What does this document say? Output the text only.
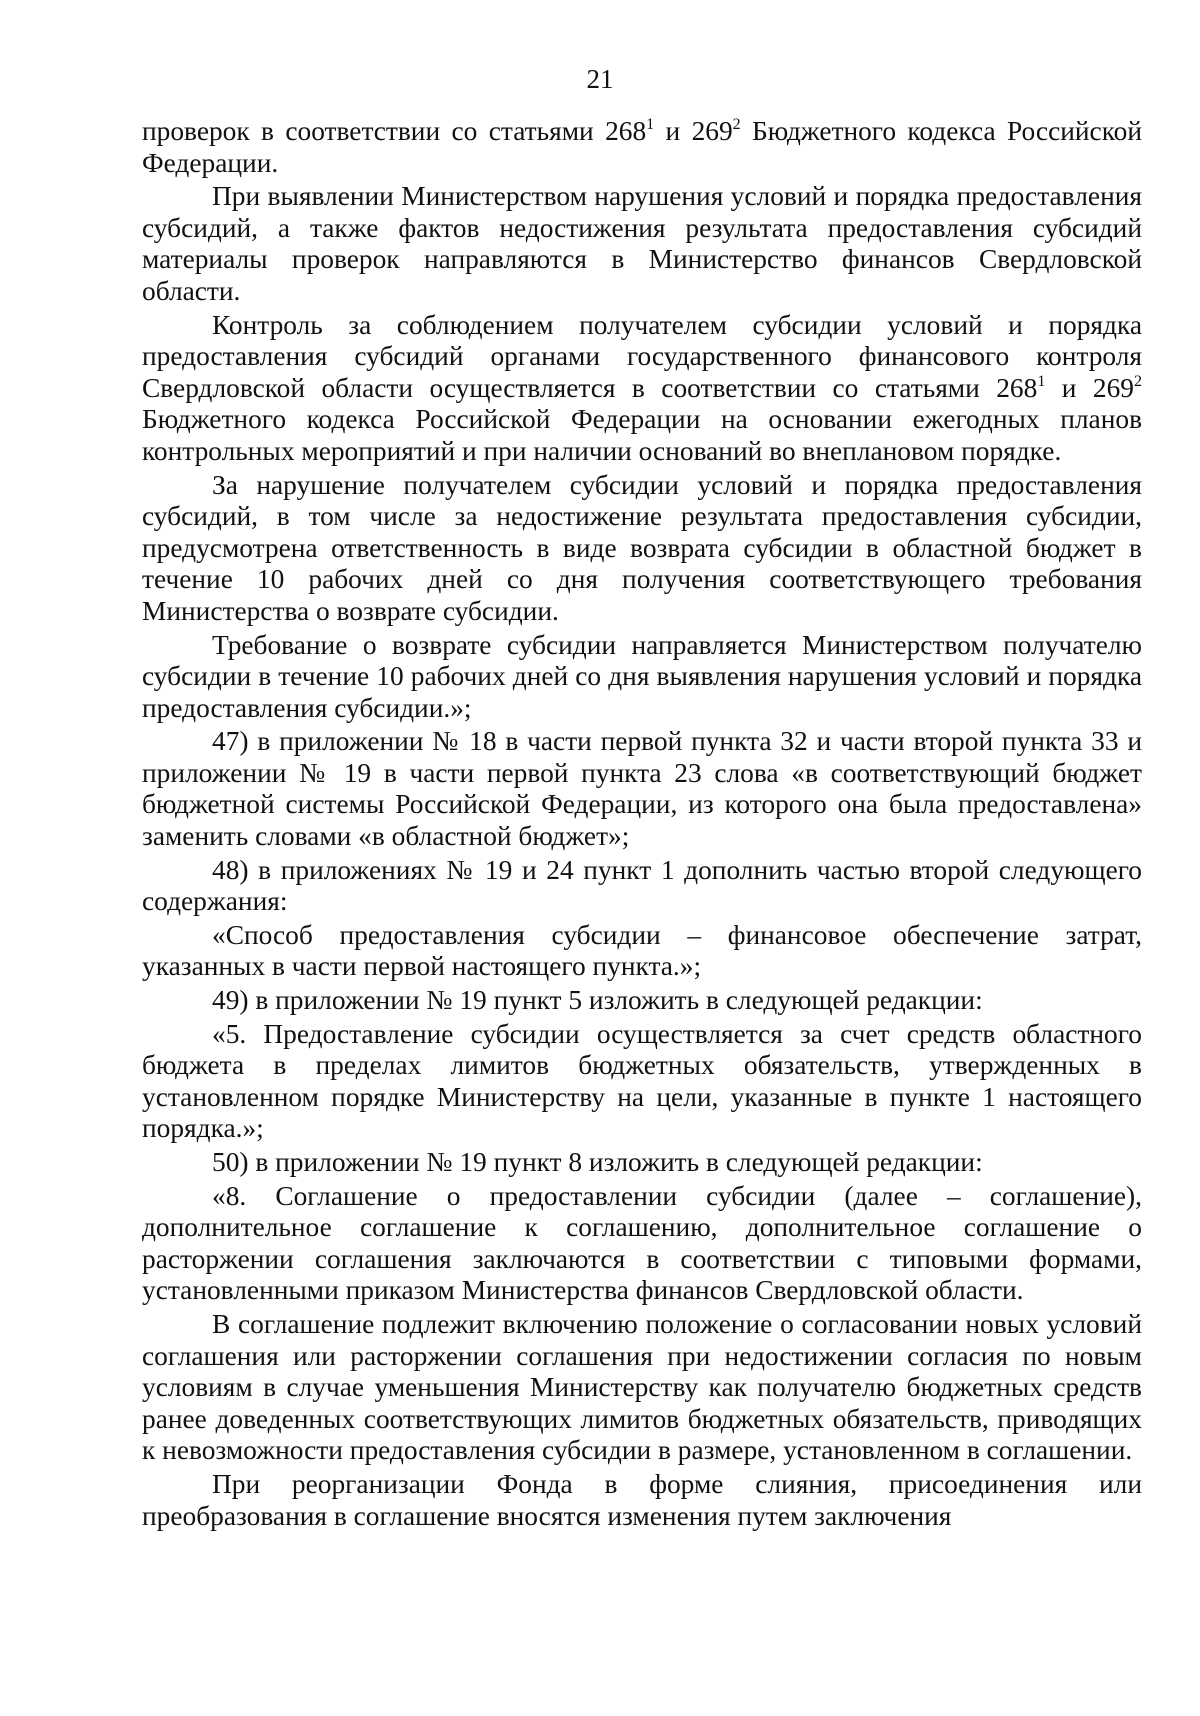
21

проверок в соответствии со статьями $268^1$ и $269^2$ Бюджетного кодекса Российской Федерации.

При выявлении Министерством нарушения условий и порядка предоставления субсидий, а также фактов недостижения результата предоставления субсидий материалы проверок направляются в Министерство финансов Свердловской области.

Контроль за соблюдением получателем субсидии условий и порядка предоставления субсидий органами государственного финансового контроля Свердловской области осуществляется в соответствии со статьями $268^1$ и $269^2$ Бюджетного кодекса Российской Федерации на основании ежегодных планов контрольных мероприятий и при наличии оснований во внеплановом порядке.

За нарушение получателем субсидии условий и порядка предоставления субсидий, в том числе за недостижение результата предоставления субсидии, предусмотрена ответственность в виде возврата субсидии в областной бюджет в течение 10 рабочих дней со дня получения соответствующего требования Министерства о возврате субсидии.

Требование о возврате субсидии направляется Министерством получателю субсидии в течение 10 рабочих дней со дня выявления нарушения условий и порядка предоставления субсидии.»;

47) в приложении № 18 в части первой пункта 32 и части второй пункта 33 и приложении № 19 в части первой пункта 23 слова «в соответствующий бюджет бюджетной системы Российской Федерации, из которого она была предоставлена» заменить словами «в областной бюджет»;

48) в приложениях № 19 и 24 пункт 1 дополнить частью второй следующего содержания:

«Способ предоставления субсидии – финансовое обеспечение затрат, указанных в части первой настоящего пункта.»;

49) в приложении № 19 пункт 5 изложить в следующей редакции:

«5. Предоставление субсидии осуществляется за счет средств областного бюджета в пределах лимитов бюджетных обязательств, утвержденных в установленном порядке Министерству на цели, указанные в пункте 1 настоящего порядка.»;

50) в приложении № 19 пункт 8 изложить в следующей редакции:

«8. Соглашение о предоставлении субсидии (далее – соглашение), дополнительное соглашение к соглашению, дополнительное соглашение о расторжении соглашения заключаются в соответствии с типовыми формами, установленными приказом Министерства финансов Свердловской области.

В соглашение подлежит включению положение о согласовании новых условий соглашения или расторжении соглашения при недостижении согласия по новым условиям в случае уменьшения Министерству как получателю бюджетных средств ранее доведенных соответствующих лимитов бюджетных обязательств, приводящих к невозможности предоставления субсидии в размере, установленном в соглашении.

При реорганизации Фонда в форме слияния, присоединения или преобразования в соглашение вносятся изменения путем заключения
